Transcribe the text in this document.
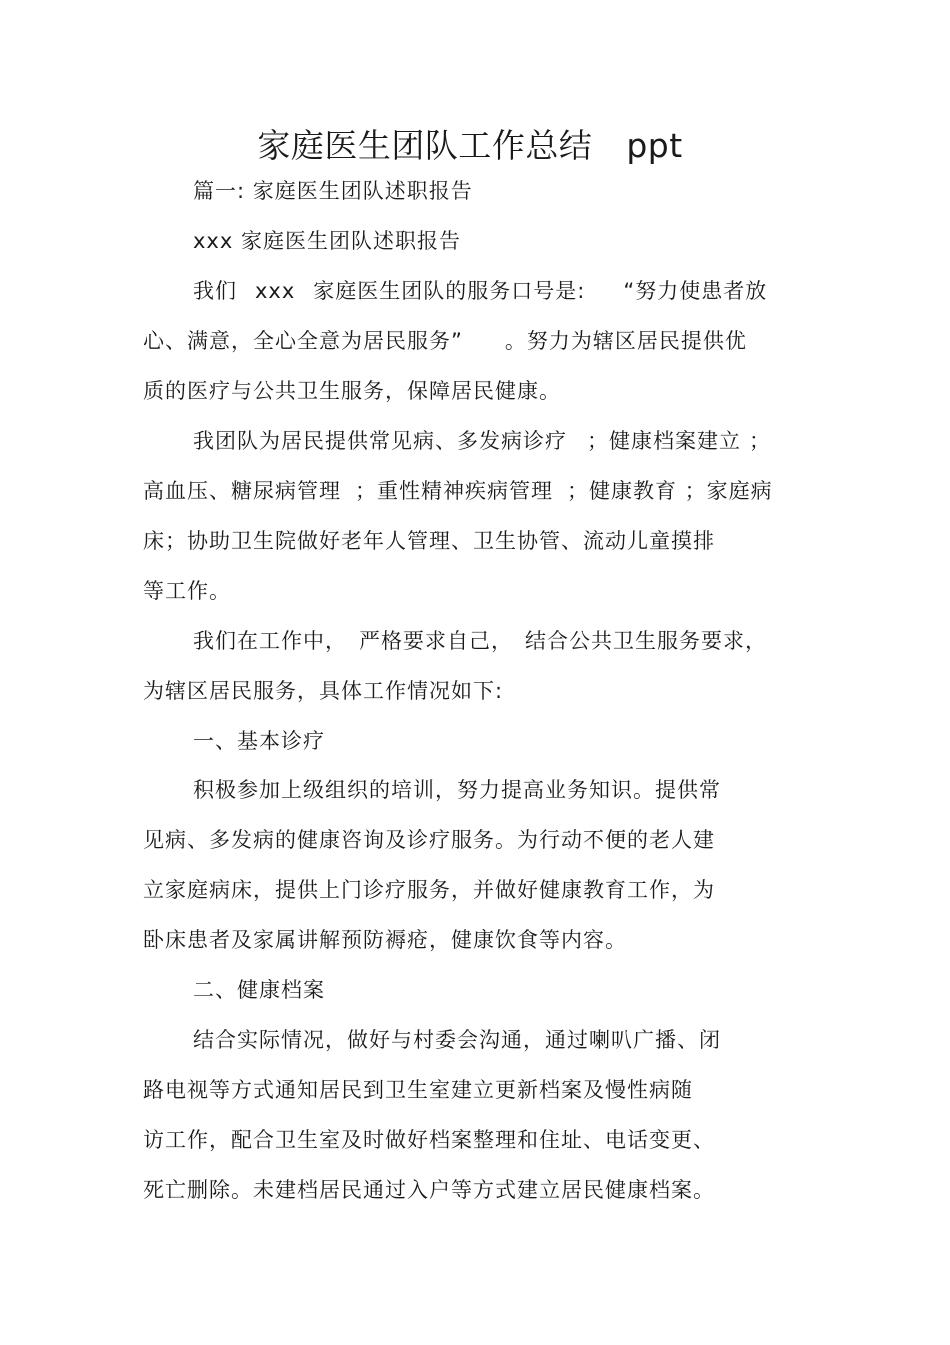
家庭医生团队工作总结 ppt
篇一: 家庭医生团队述职报告
xxx 家庭医生团队述职报告
我们 xxx 家庭医生团队的服务口号是: “努力使患者放
心、满意，全心全意为居民服务” 。努力为辖区居民提供优
质的医疗与公共卫生服务，保障居民健康。
我团队为居民提供常见病、多发病诊疗 ；健康档案建立 ；
高血压、糖尿病管理 ；重性精神疾病管理 ；健康教育 ；家庭病
床；协助卫生院做好老年人管理、卫生协管、流动儿童摸排
等工作。
我们在工作中， 严格要求自己， 结合公共卫生服务要求，
为辖区居民服务，具体工作情况如下:
一、基本诊疗
积极参加上级组织的培训，努力提高业务知识。提供常
见病、多发病的健康咨询及诊疗服务。为行动不便的老人建
立家庭病床，提供上门诊疗服务，并做好健康教育工作，为
卧床患者及家属讲解预防褥疮，健康饮食等内容。
二、健康档案
结合实际情况，做好与村委会沟通，通过喇叭广播、闭
路电视等方式通知居民到卫生室建立更新档案及慢性病随
访工作，配合卫生室及时做好档案整理和住址、电话变更、
死亡删除。未建档居民通过入户等方式建立居民健康档案。
